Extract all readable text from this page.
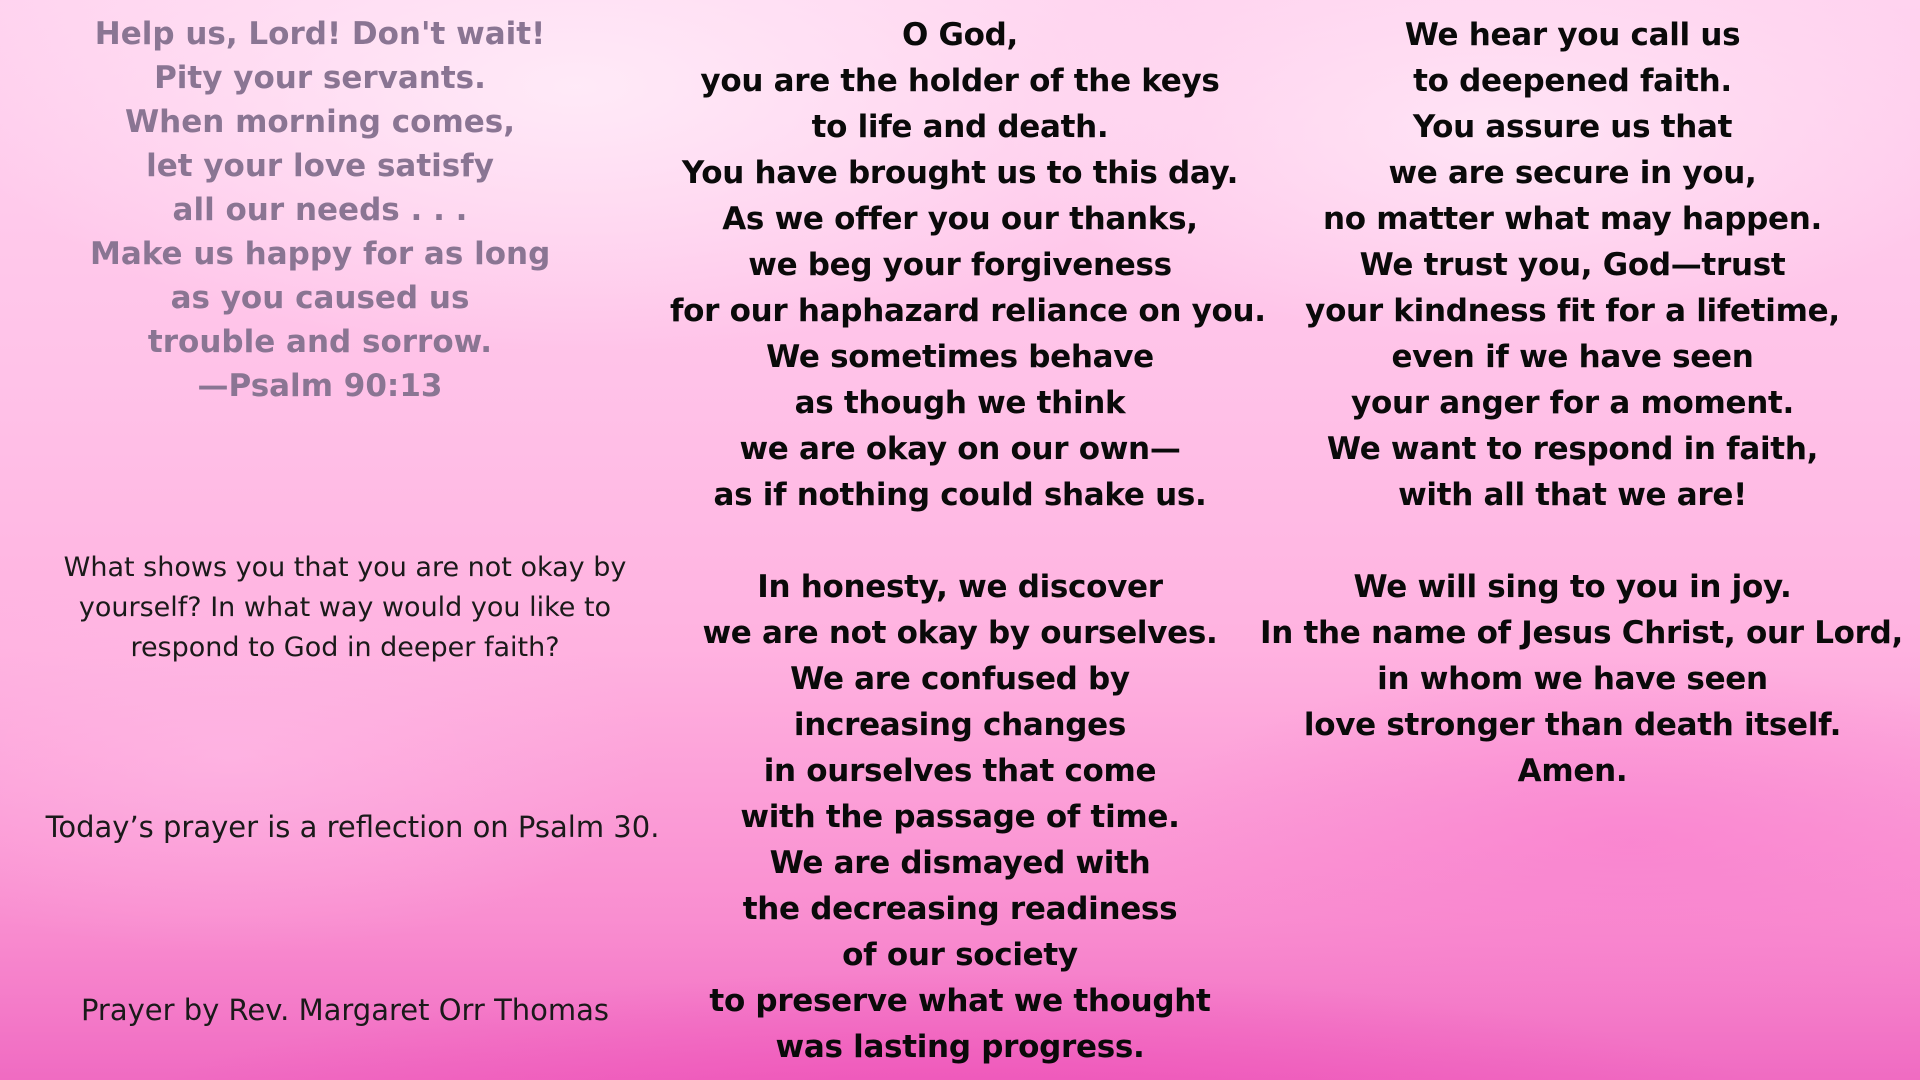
Help us, Lord! Don't wait!
Pity your servants.
When morning comes,
let your love satisfy
all our needs . . .
Make us happy for as long
as you caused us
trouble and sorrow.
—Psalm 90:13
What shows you that you are not okay by
yourself? In what way would you like to
respond to God in deeper faith?
Today’s prayer is a reflection on Psalm 30.
Prayer by Rev. Margaret Orr Thomas
O God,
you are the holder of the keys
to life and death.
You have brought us to this day.
As we offer you our thanks,
we beg your forgiveness
for our haphazard reliance on you.
We sometimes behave
as though we think
we are okay on our own—
as if nothing could shake us.
In honesty, we discover
we are not okay by ourselves.
We are confused by
increasing changes
in ourselves that come
with the passage of time.
We are dismayed with
the decreasing readiness
of our society
to preserve what we thought
was lasting progress.
We hear you call us
to deepened faith.
You assure us that
we are secure in you,
no matter what may happen.
We trust you, God—trust
your kindness fit for a lifetime,
even if we have seen
your anger for a moment.
We want to respond in faith,
with all that we are!
We will sing to you in joy.
In the name of Jesus Christ, our Lord,
in whom we have seen
love stronger than death itself.
Amen.
